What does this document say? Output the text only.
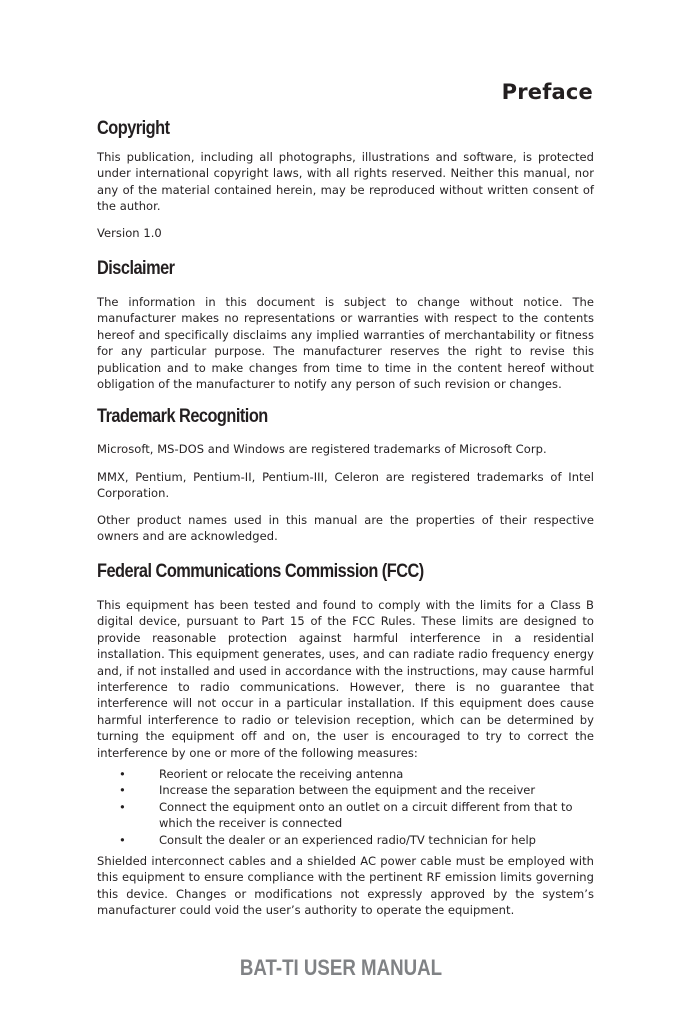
Preface
Copyright
This publication, including all photographs, illustrations and software, is protected under international copyright laws, with all rights reserved. Neither this manual, nor any of the material contained herein, may be reproduced without written consent of the author.
Version 1.0
Disclaimer
The information in this document is subject to change without notice. The manufacturer makes no representations or warranties with respect to the contents hereof and specifically disclaims any implied warranties of merchantability or fitness for any particular purpose. The manufacturer reserves the right to revise this publication and to make changes from time to time in the content hereof without obligation of the manufacturer to notify any person of such revision or changes.
Trademark Recognition
Microsoft, MS-DOS and Windows are registered trademarks of Microsoft Corp.
MMX, Pentium, Pentium-II, Pentium-III, Celeron are registered trademarks of Intel Corporation.
Other product names used in this manual are the properties of their respective owners and are acknowledged.
Federal Communications Commission (FCC)
This equipment has been tested and found to comply with the limits for a Class B digital device, pursuant to Part 15 of the FCC Rules. These limits are designed to provide reasonable protection against harmful interference in a residential installation. This equipment generates, uses, and can radiate radio frequency energy and, if not installed and used in accordance with the instructions, may cause harmful interference to radio communications. However, there is no guarantee that interference will not occur in a particular installation. If this equipment does cause harmful interference to radio or television reception, which can be determined by turning the equipment off and on, the user is encouraged to try to correct the interference by one or more of the following measures:
•	Reorient or relocate the receiving antenna
•	Increase the separation between the equipment and the receiver
•	Connect the equipment onto an outlet on a circuit different from that to which the receiver is connected
•	Consult the dealer or an experienced radio/TV technician for help
Shielded interconnect cables and a shielded AC power cable must be employed with this equipment to ensure compliance with the pertinent RF emission limits governing this device. Changes or modifications not expressly approved by the system’s manufacturer could void the user’s authority to operate the equipment.
BAT-TI USER MANUAL
